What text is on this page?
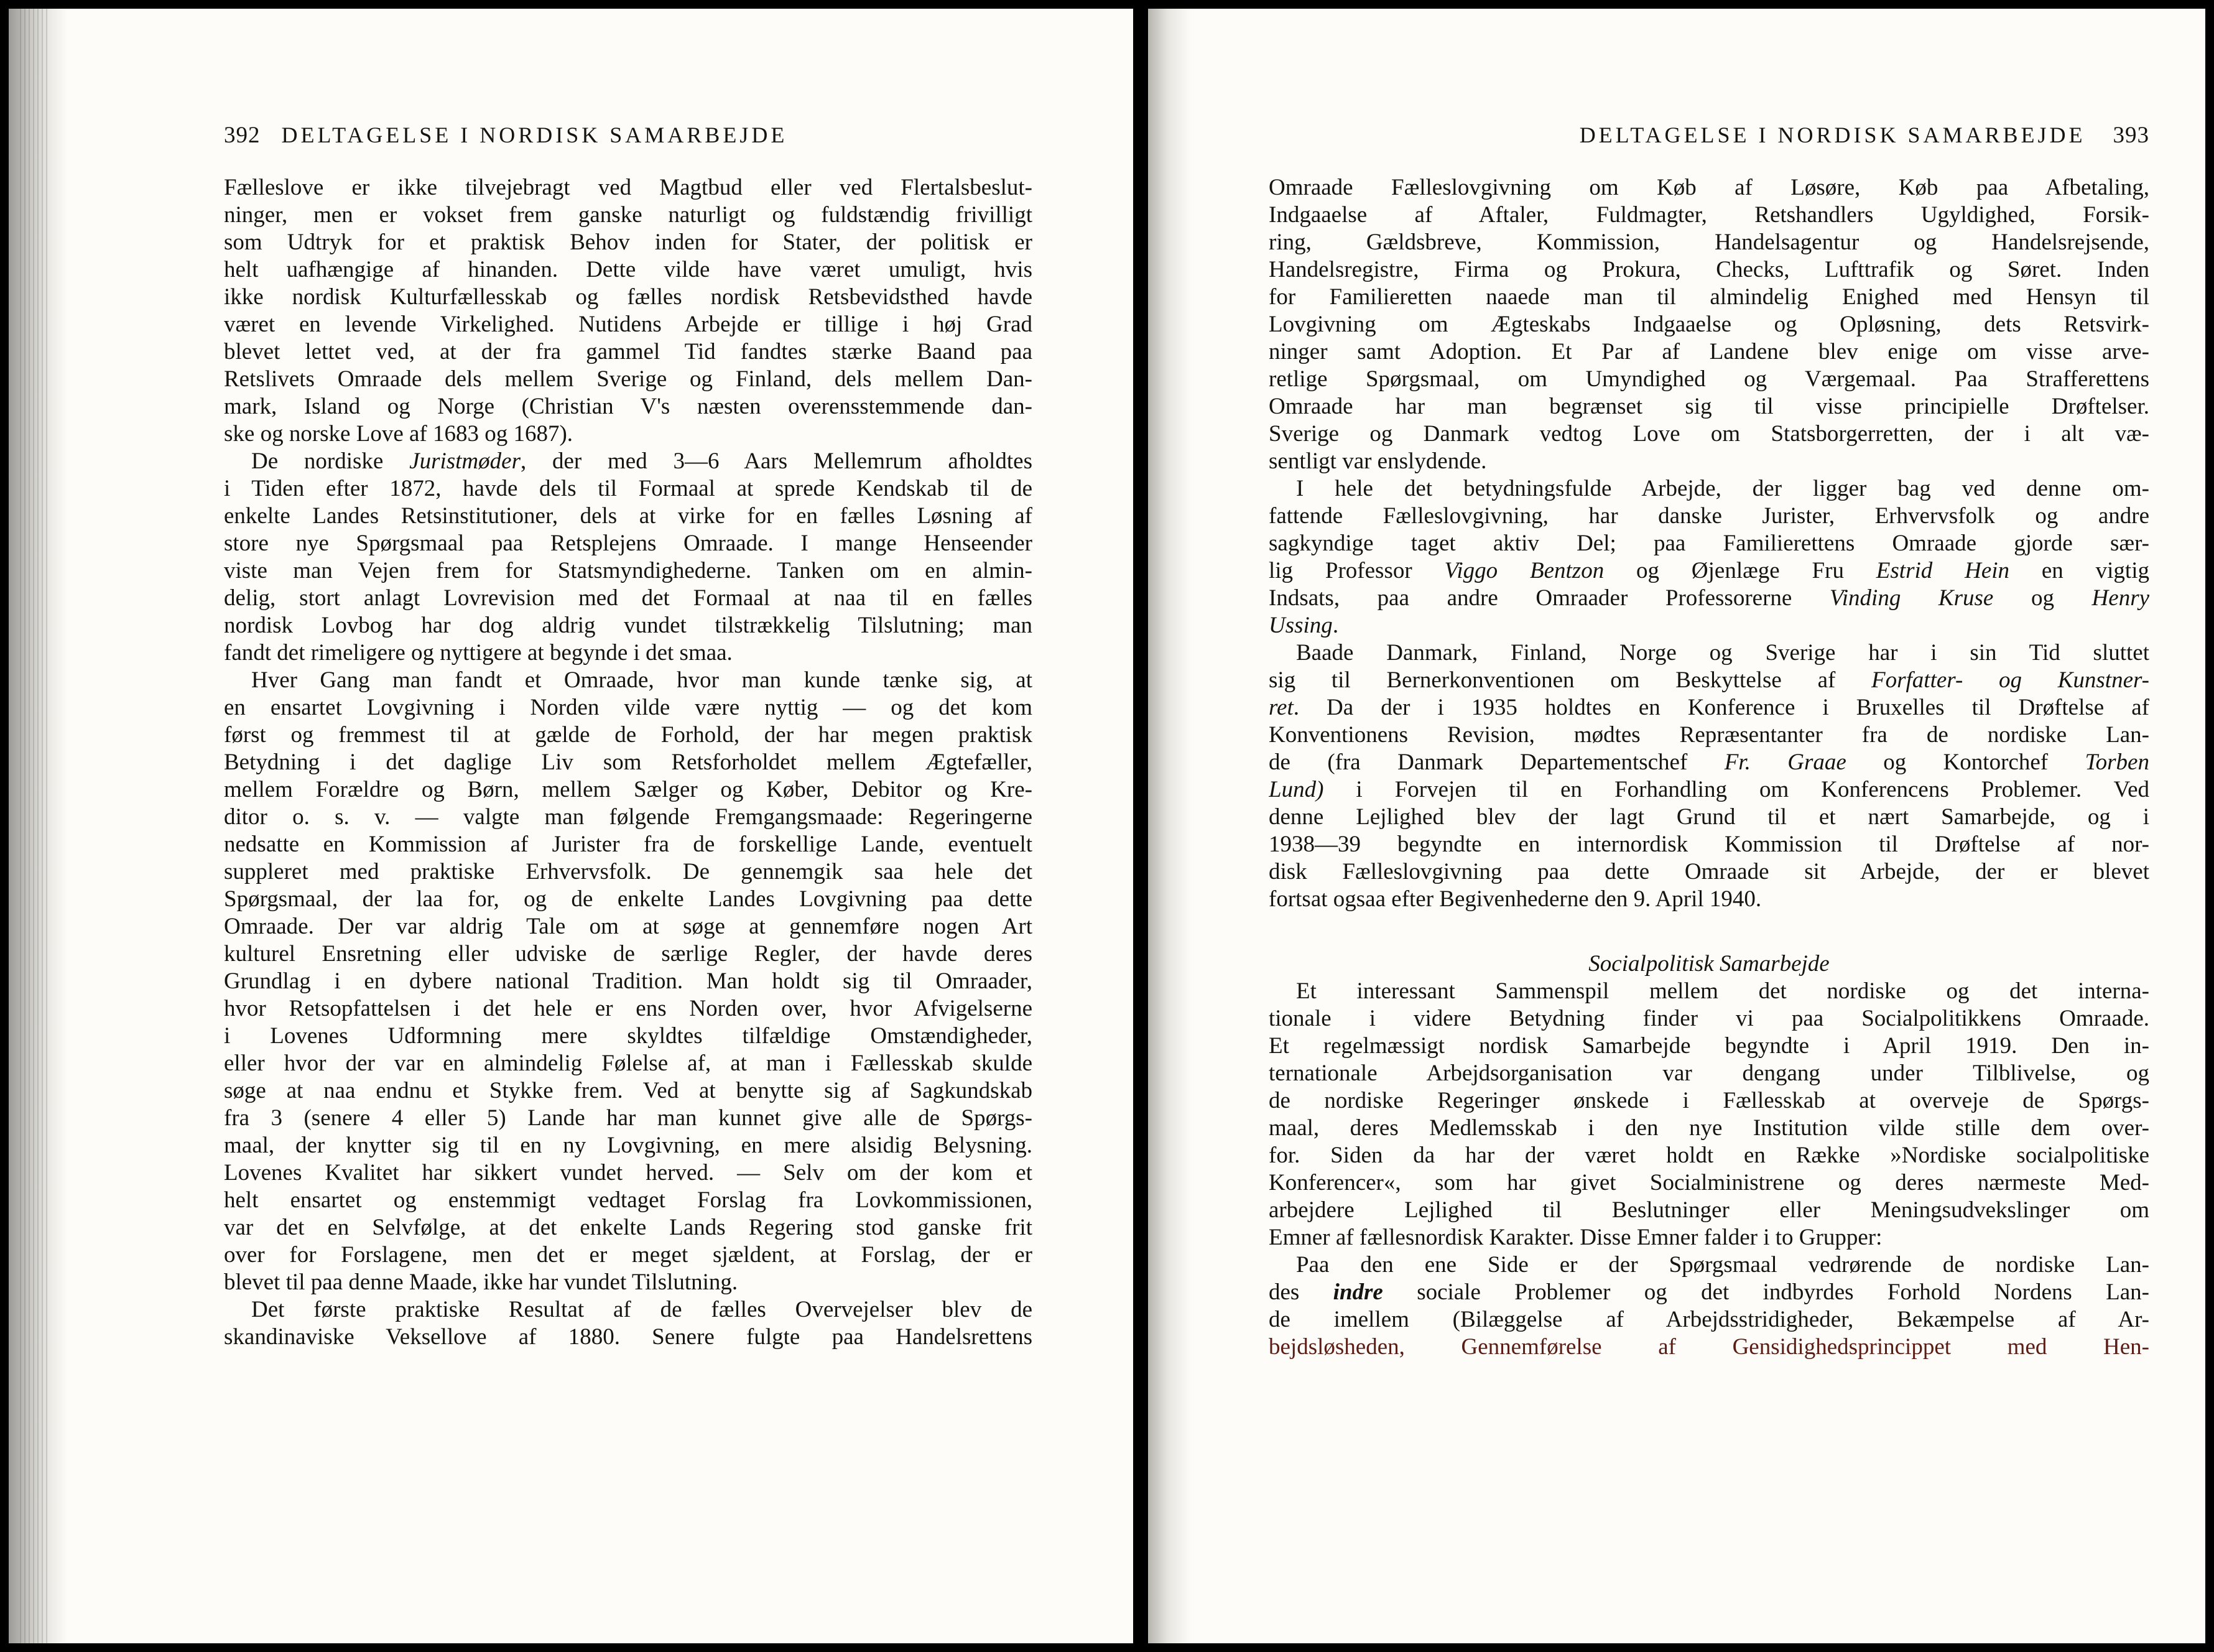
392 DELTAGELSE I NORDISK SAMARBEJDE
Fælleslove er ikke tilvejebragt ved Magtbud eller ved Flertalsbeslut-
ninger, men er vokset frem ganske naturligt og fuldstændig frivilligt
som Udtryk for et praktisk Behov inden for Stater, der politisk er
helt uafhængige af hinanden. Dette vilde have været umuligt, hvis
ikke nordisk Kulturfællesskab og fælles nordisk Retsbevidsthed havde
været en levende Virkelighed. Nutidens Arbejde er tillige i høj Grad
blevet lettet ved, at der fra gammel Tid fandtes stærke Baand paa
Retslivets Omraade dels mellem Sverige og Finland, dels mellem Dan-
mark, Island og Norge (Christian V's næsten overensstemmende dan-
ske og norske Love af 1683 og 1687).
De nordiske Juristmøder, der med 3—6 Aars Mellemrum afholdtes
i Tiden efter 1872, havde dels til Formaal at sprede Kendskab til de
enkelte Landes Retsinstitutioner, dels at virke for en fælles Løsning af
store nye Spørgsmaal paa Retsplejens Omraade. I mange Henseender
viste man Vejen frem for Statsmyndighederne. Tanken om en almin-
delig, stort anlagt Lovrevision med det Formaal at naa til en fælles
nordisk Lovbog har dog aldrig vundet tilstrækkelig Tilslutning; man
fandt det rimeligere og nyttigere at begynde i det smaa.
Hver Gang man fandt et Omraade, hvor man kunde tænke sig, at
en ensartet Lovgivning i Norden vilde være nyttig — og det kom
først og fremmest til at gælde de Forhold, der har megen praktisk
Betydning i det daglige Liv som Retsforholdet mellem Ægtefæller,
mellem Forældre og Børn, mellem Sælger og Køber, Debitor og Kre-
ditor o. s. v. — valgte man følgende Fremgangsmaade: Regeringerne
nedsatte en Kommission af Jurister fra de forskellige Lande, eventuelt
suppleret med praktiske Erhvervsfolk. De gennemgik saa hele det
Spørgsmaal, der laa for, og de enkelte Landes Lovgivning paa dette
Omraade. Der var aldrig Tale om at søge at gennemføre nogen Art
kulturel Ensretning eller udviske de særlige Regler, der havde deres
Grundlag i en dybere national Tradition. Man holdt sig til Omraader,
hvor Retsopfattelsen i det hele er ens Norden over, hvor Afvigelserne
i Lovenes Udformning mere skyldtes tilfældige Omstændigheder,
eller hvor der var en almindelig Følelse af, at man i Fællesskab skulde
søge at naa endnu et Stykke frem. Ved at benytte sig af Sagkundskab
fra 3 (senere 4 eller 5) Lande har man kunnet give alle de Spørgs-
maal, der knytter sig til en ny Lovgivning, en mere alsidig Belysning.
Lovenes Kvalitet har sikkert vundet herved. — Selv om der kom et
helt ensartet og enstemmigt vedtaget Forslag fra Lovkommissionen,
var det en Selvfølge, at det enkelte Lands Regering stod ganske frit
over for Forslagene, men det er meget sjældent, at Forslag, der er
blevet til paa denne Maade, ikke har vundet Tilslutning.
Det første praktiske Resultat af de fælles Overvejelser blev de
skandinaviske Veksellove af 1880. Senere fulgte paa Handelsrettens
DELTAGELSE I NORDISK SAMARBEJDE 393
Omraade Fælleslovgivning om Køb af Løsøre, Køb paa Afbetaling,
Indgaaelse af Aftaler, Fuldmagter, Retshandlers Ugyldighed, Forsik-
ring, Gældsbreve, Kommission, Handelsagentur og Handelsrejsende,
Handelsregistre, Firma og Prokura, Checks, Lufttrafik og Søret. Inden
for Familieretten naaede man til almindelig Enighed med Hensyn til
Lovgivning om Ægteskabs Indgaaelse og Opløsning, dets Retsvirk-
ninger samt Adoption. Et Par af Landene blev enige om visse arve-
retlige Spørgsmaal, om Umyndighed og Værgemaal. Paa Strafferettens
Omraade har man begrænset sig til visse principielle Drøftelser.
Sverige og Danmark vedtog Love om Statsborgerretten, der i alt væ-
sentligt var enslydende.
I hele det betydningsfulde Arbejde, der ligger bag ved denne om-
fattende Fælleslovgivning, har danske Jurister, Erhvervsfolk og andre
sagkyndige taget aktiv Del; paa Familierettens Omraade gjorde sær-
lig Professor Viggo Bentzon og Øjenlæge Fru Estrid Hein en vigtig
Indsats, paa andre Omraader Professorerne Vinding Kruse og Henry
Ussing.
Baade Danmark, Finland, Norge og Sverige har i sin Tid sluttet
sig til Bernerkonventionen om Beskyttelse af Forfatter- og Kunstner-
ret. Da der i 1935 holdtes en Konference i Bruxelles til Drøftelse af
Konventionens Revision, mødtes Repræsentanter fra de nordiske Lan-
de (fra Danmark Departementschef Fr. Graae og Kontorchef Torben
Lund) i Forvejen til en Forhandling om Konferencens Problemer. Ved
denne Lejlighed blev der lagt Grund til et nært Samarbejde, og i
1938—39 begyndte en internordisk Kommission til Drøftelse af nor-
disk Fælleslovgivning paa dette Omraade sit Arbejde, der er blevet
fortsat ogsaa efter Begivenhederne den 9. April 1940.
Socialpolitisk Samarbejde
Et interessant Sammenspil mellem det nordiske og det interna-
tionale i videre Betydning finder vi paa Socialpolitikkens Omraade.
Et regelmæssigt nordisk Samarbejde begyndte i April 1919. Den in-
ternationale Arbejdsorganisation var dengang under Tilblivelse, og
de nordiske Regeringer ønskede i Fællesskab at overveje de Spørgs-
maal, deres Medlemsskab i den nye Institution vilde stille dem over-
for. Siden da har der været holdt en Række »Nordiske socialpolitiske
Konferencer«, som har givet Socialministrene og deres nærmeste Med-
arbejdere Lejlighed til Beslutninger eller Meningsudvekslinger om
Emner af fællesnordisk Karakter. Disse Emner falder i to Grupper:
Paa den ene Side er der Spørgsmaal vedrørende de nordiske Lan-
des indre sociale Problemer og det indbyrdes Forhold Nordens Lan-
de imellem (Bilæggelse af Arbejdsstridigheder, Bekæmpelse af Ar-
bejdsløsheden, Gennemførelse af Gensidighedsprincippet med Hen-
